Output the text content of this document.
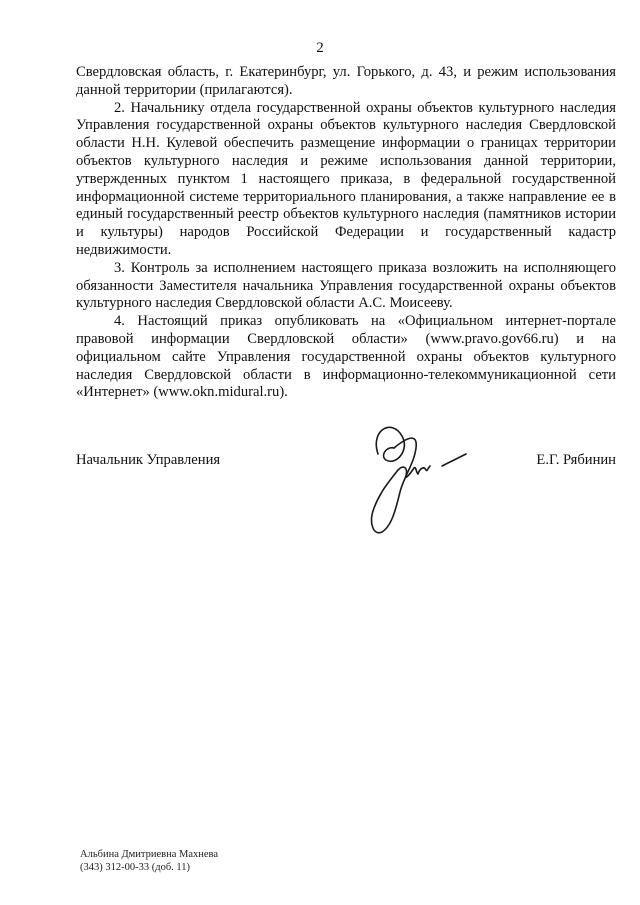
2

Свердловская область, г. Екатеринбург, ул. Горького, д. 43, и режим использования данной территории (прилагаются).

2. Начальнику отдела государственной охраны объектов культурного наследия Управления государственной охраны объектов культурного наследия Свердловской области Н.Н. Кулевой обеспечить размещение информации о границах территории объектов культурного наследия и режиме использования данной территории, утвержденных пунктом 1 настоящего приказа, в федеральной государственной информационной системе территориального планирования, а также направление ее в единый государственный реестр объектов культурного наследия (памятников истории и культуры) народов Российской Федерации и государственный кадастр недвижимости.

3. Контроль за исполнением настоящего приказа возложить на исполняющего обязанности Заместителя начальника Управления государственной охраны объектов культурного наследия Свердловской области А.С. Моисееву.

4. Настоящий приказ опубликовать на «Официальном интернет-портале правовой информации Свердловской области» (www.pravo.gov66.ru) и на официальном сайте Управления государственной охраны объектов культурного наследия Свердловской области в информационно-телекоммуникационной сети «Интернет» (www.okn.midural.ru).

Начальник Управления	Е.Г. Рябинин
Альбина Дмитриевна Махнева
(343) 312-00-33 (доб. 11)
